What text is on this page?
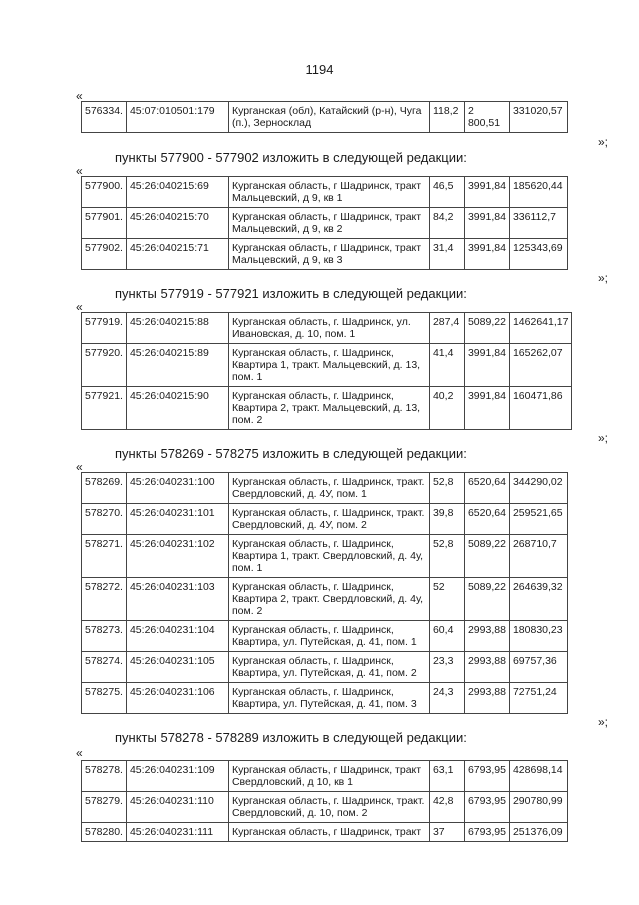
1194
«
576334.	45:07:010501:179	Курганская (обл), Катайский (р-н), Чуга (п.), Зерносклад	118,2	2 800,51	331020,57
»;
пункты 577900 - 577902 изложить в следующей редакции:
«
577900.	45:26:040215:69	Курганская область, г Шадринск, тракт Мальцевский, д 9, кв 1	46,5	3991,84	185620,44
577901.	45:26:040215:70	Курганская область, г Шадринск, тракт Мальцевский, д 9, кв 2	84,2	3991,84	336112,7
577902.	45:26:040215:71	Курганская область, г Шадринск, тракт Мальцевский, д 9, кв 3	31,4	3991,84	125343,69
»;
пункты 577919 - 577921 изложить в следующей редакции:
«
577919.	45:26:040215:88	Курганская область, г. Шадринск, ул. Ивановская, д. 10, пом. 1	287,4	5089,22	1462641,17
577920.	45:26:040215:89	Курганская область, г. Шадринск, Квартира 1, тракт. Мальцевский, д. 13, пом. 1	41,4	3991,84	165262,07
577921.	45:26:040215:90	Курганская область, г. Шадринск, Квартира 2, тракт. Мальцевский, д. 13, пом. 2	40,2	3991,84	160471,86
»;
пункты 578269 - 578275 изложить в следующей редакции:
«
578269.	45:26:040231:100	Курганская область, г. Шадринск, тракт. Свердловский, д. 4У, пом. 1	52,8	6520,64	344290,02
578270.	45:26:040231:101	Курганская область, г. Шадринск, тракт. Свердловский, д. 4У, пом. 2	39,8	6520,64	259521,65
578271.	45:26:040231:102	Курганская область, г. Шадринск, Квартира 1, тракт. Свердловский, д. 4у, пом. 1	52,8	5089,22	268710,7
578272.	45:26:040231:103	Курганская область, г. Шадринск, Квартира 2, тракт. Свердловский, д. 4у, пом. 2	52	5089,22	264639,32
578273.	45:26:040231:104	Курганская область, г. Шадринск, Квартира, ул. Путейская, д. 41, пом. 1	60,4	2993,88	180830,23
578274.	45:26:040231:105	Курганская область, г. Шадринск, Квартира, ул. Путейская, д. 41, пом. 2	23,3	2993,88	69757,36
578275.	45:26:040231:106	Курганская область, г. Шадринск, Квартира, ул. Путейская, д. 41, пом. 3	24,3	2993,88	72751,24
»;
пункты 578278 - 578289 изложить в следующей редакции:
«
578278.	45:26:040231:109	Курганская область, г Шадринск, тракт Свердловский, д 10, кв 1	63,1	6793,95	428698,14
578279.	45:26:040231:110	Курганская область, г. Шадринск, тракт. Свердловский, д. 10, пом. 2	42,8	6793,95	290780,99
578280.	45:26:040231:111	Курганская область, г Шадринск, тракт	37	6793,95	251376,09
